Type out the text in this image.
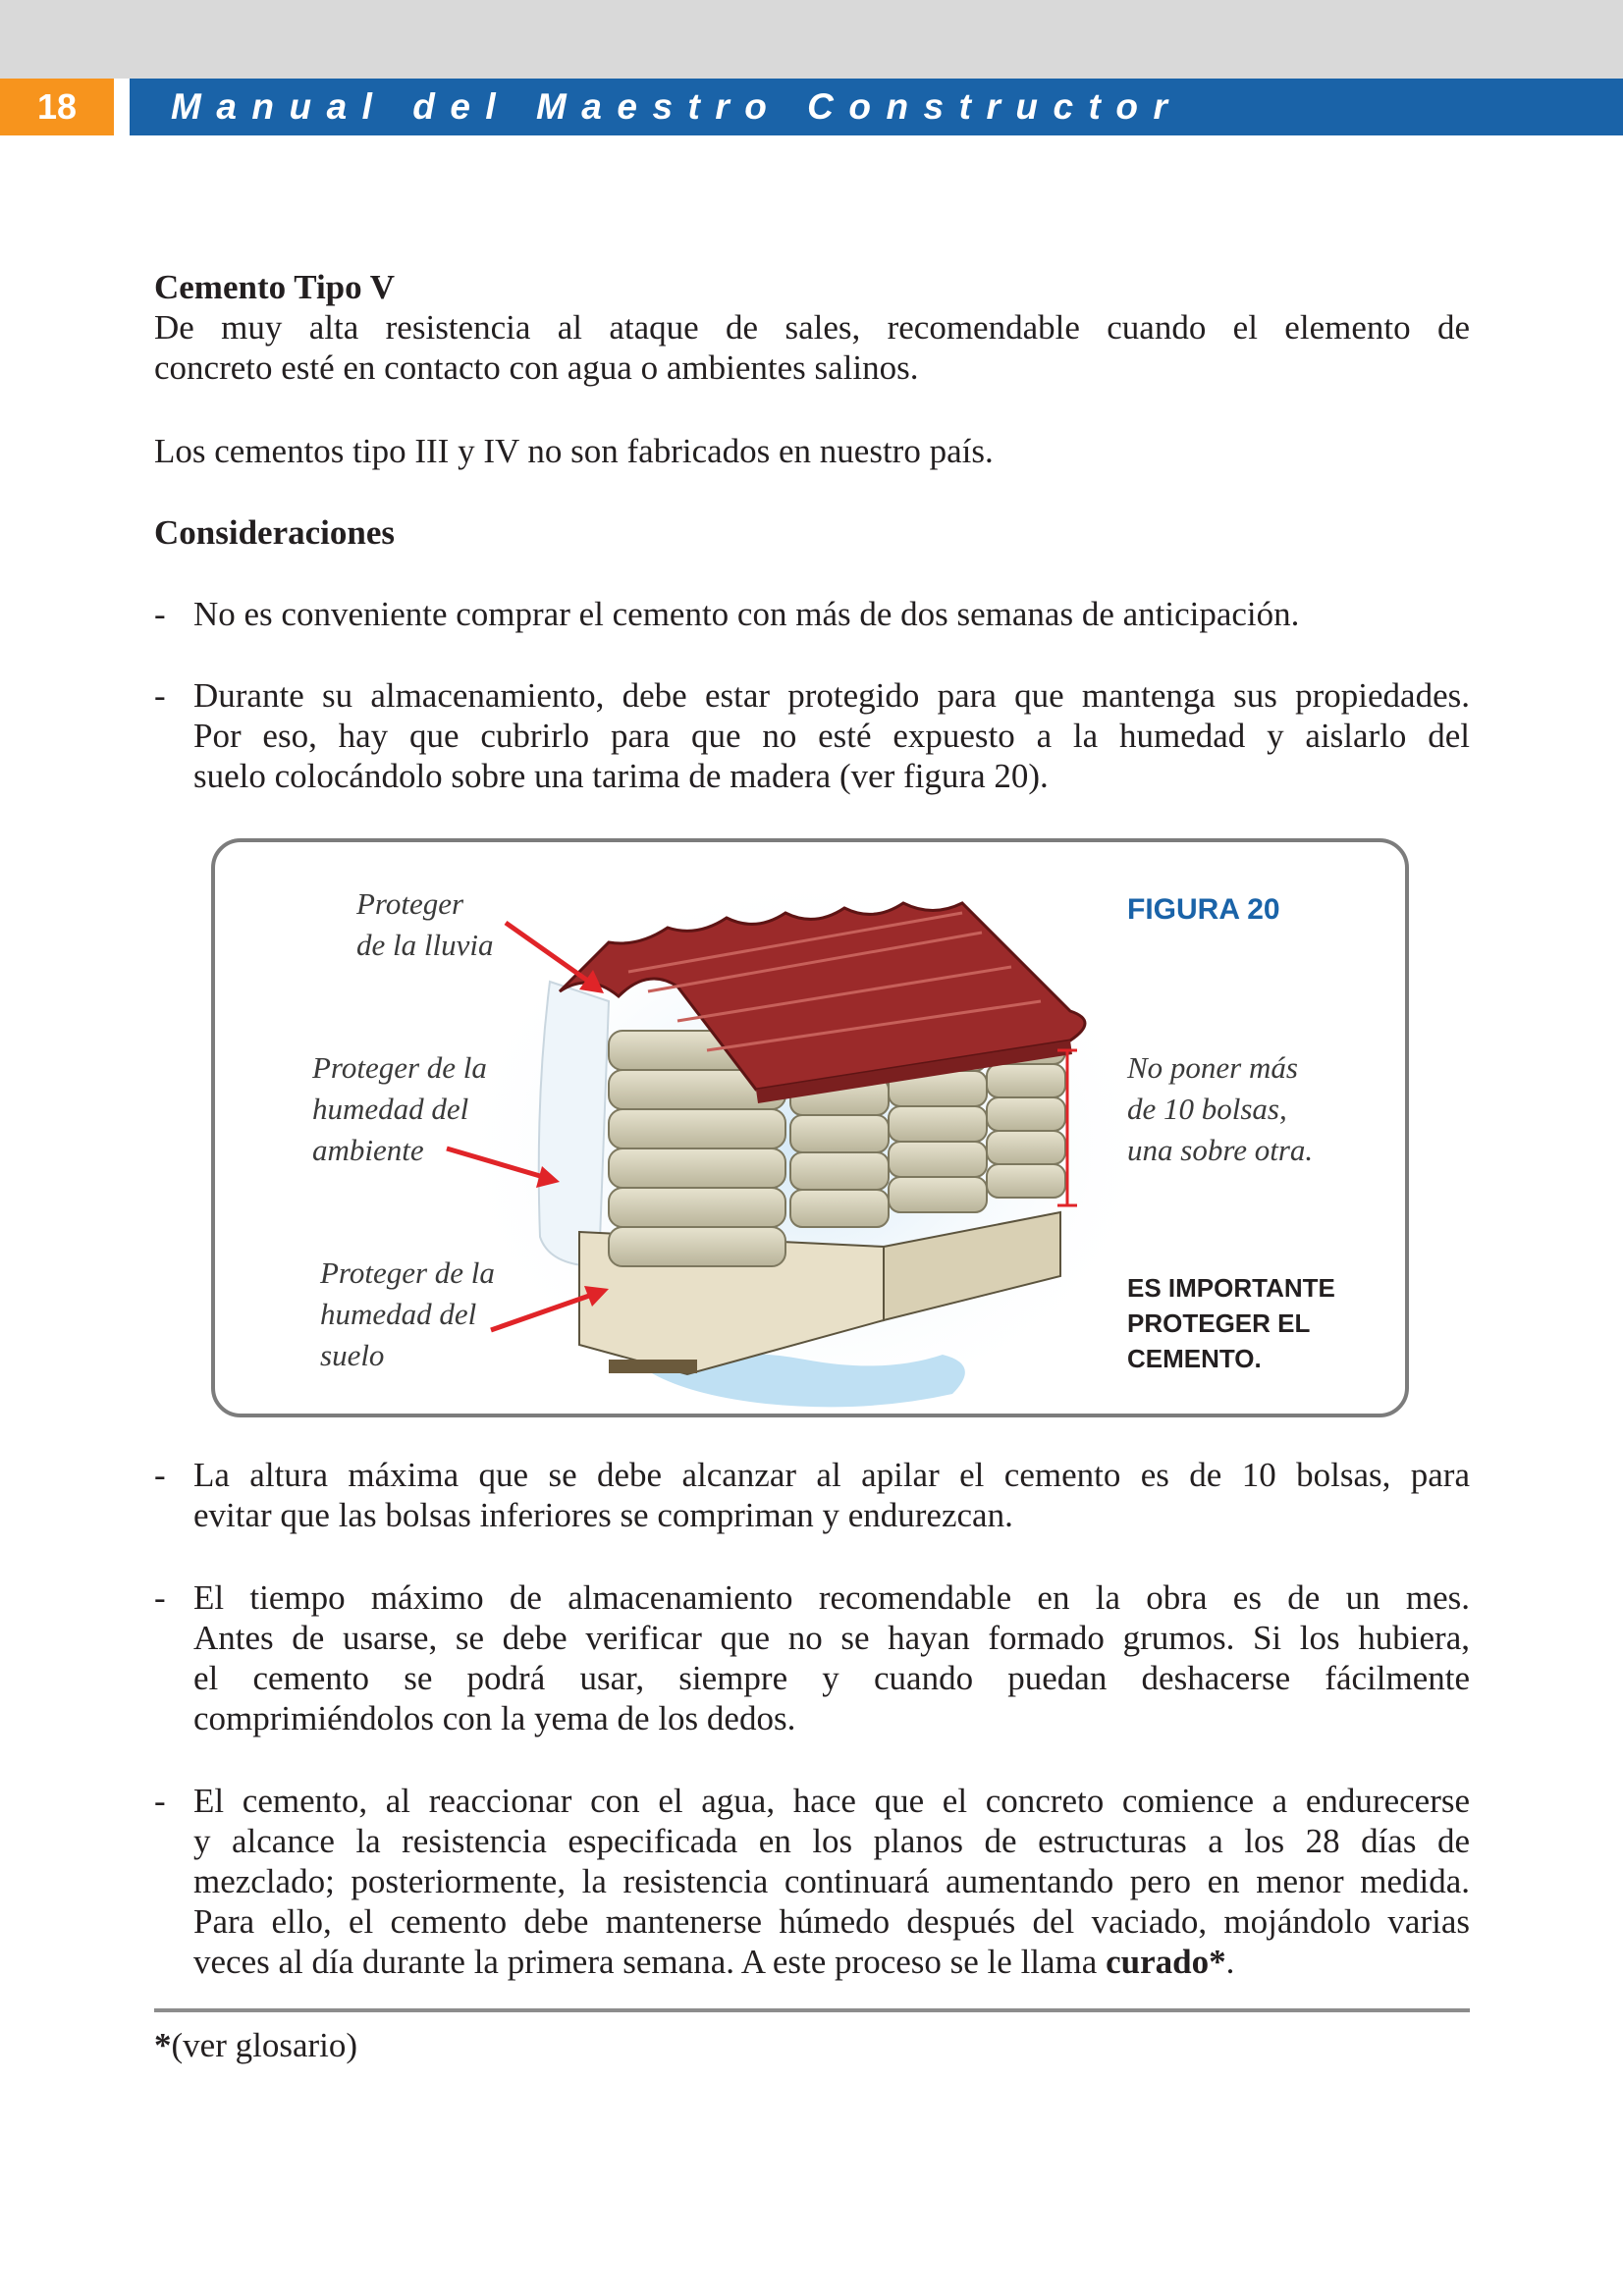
18	Manual del Maestro Constructor

Cemento Tipo V

De muy alta resistencia al ataque de sales, recomendable cuando el elemento de

concreto esté en contacto con agua o ambientes salinos.

Los cementos tipo III y IV no son fabricados en nuestro país.

Consideraciones

- No es conveniente comprar el cemento con más de dos semanas de anticipación.

- Durante su almacenamiento, debe estar protegido para que mantenga sus propiedades.

Por eso, hay que cubrirlo para que no esté expuesto a la humedad y aislarlo del

suelo colocándolo sobre una tarima de madera (ver figura 20).

Proteger
de la lluvia
Proteger de la
humedad del
ambiente
Proteger de la
humedad del
suelo
No poner más
de 10 bolsas,
una sobre otra.
FIGURA 20
ES IMPORTANTE
PROTEGER EL
CEMENTO.
- La altura máxima que se debe alcanzar al apilar el cemento es de 10 bolsas, para

evitar que las bolsas inferiores se compriman y endurezcan.

- El tiempo máximo de almacenamiento recomendable en la obra es de un mes.

Antes de usarse, se debe verificar que no se hayan formado grumos. Si los hubiera,

el cemento se podrá usar, siempre y cuando puedan deshacerse fácilmente

comprimiéndolos con la yema de los dedos.

- El cemento, al reaccionar con el agua, hace que el concreto comience a endurecerse

y alcance la resistencia especificada en los planos de estructuras a los 28 días de

mezclado; posteriormente, la resistencia continuará aumentando pero en menor medida.

Para ello, el cemento debe mantenerse húmedo después del vaciado, mojándolo varias

veces al día durante la primera semana. A este proceso se le llama curado*.

*(ver glosario)
